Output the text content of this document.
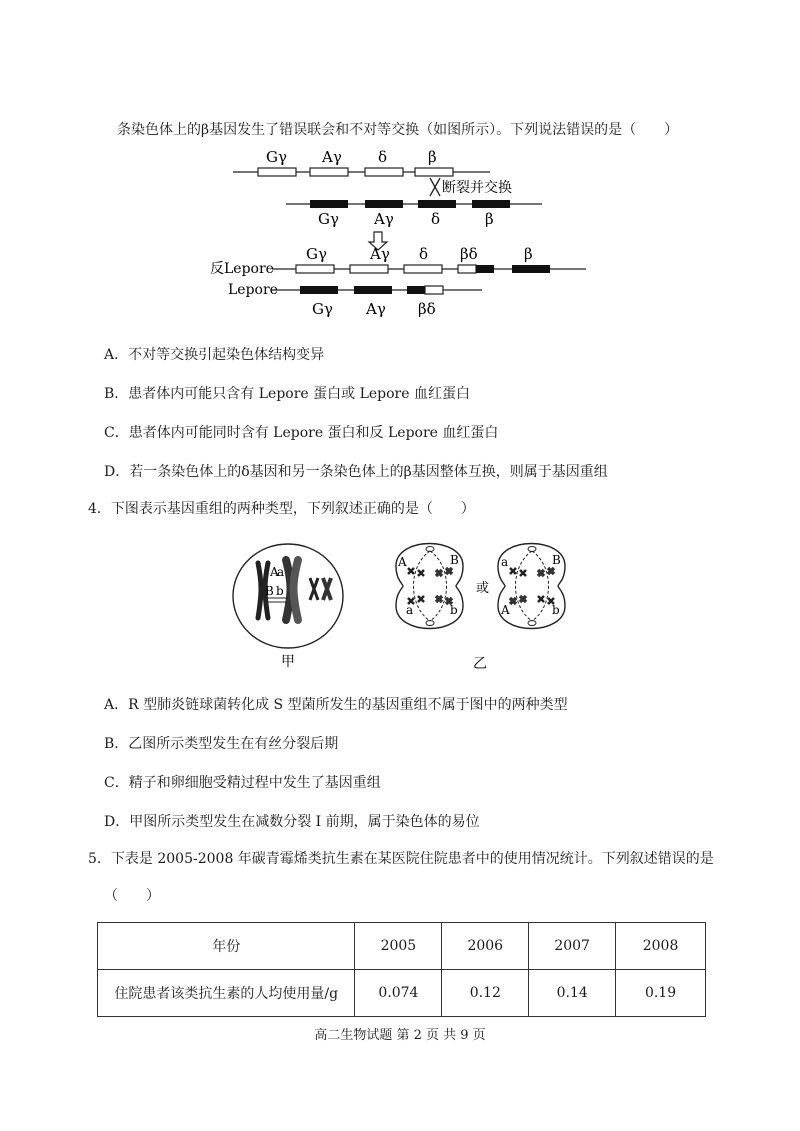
条染色体上的β基因发生了错误联会和不对等交换（如图所示）。下列说法错误的是（　　）
Gγ Aγ δ	β
断裂并交换
Gγ Aγ δ	β
反Lepore
Gγ	Aγ δ βδ	β
Lepore
Gγ Aγ βδ
A．不对等交换引起染色体结构变异
B．患者体内可能只含有 Lepore 蛋白或 Lepore 血红蛋白
C．患者体内可能同时含有 Lepore 蛋白和反 Lepore 血红蛋白
D．若一条染色体上的δ基因和另一条染色体上的β基因整体互换，则属于基因重组
4．下图表示基因重组的两种类型，下列叙述正确的是（　　）
A
a
B b
甲
A	B
a	b
或
a	B
A	b
乙
A．R 型肺炎链球菌转化成 S 型菌所发生的基因重组不属于图中的两种类型
B．乙图所示类型发生在有丝分裂后期
C．精子和卵细胞受精过程中发生了基因重组
D．甲图所示类型发生在减数分裂 I 前期，属于染色体的易位
5．下表是 2005-2008 年碳青霉烯类抗生素在某医院住院患者中的使用情况统计。下列叙述错误的是
（　　）
年份	2005	2006	2007	2008
住院患者该类抗生素的人均使用量/g	0.074	0.12	0.14	0.19
高二生物试题 第 2 页 共 9 页
